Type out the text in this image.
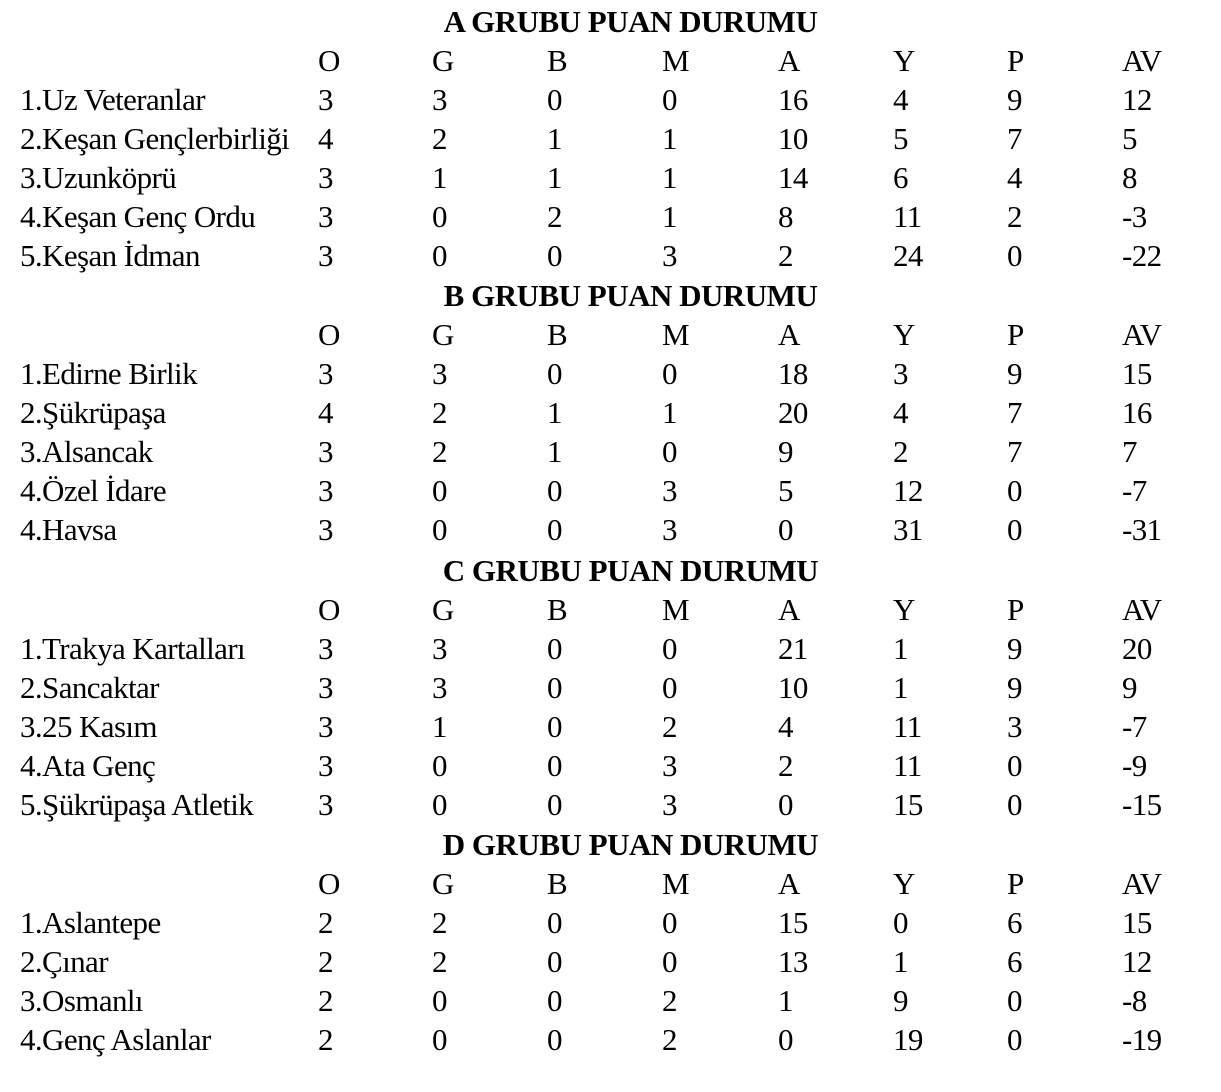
A GRUBU PUAN DURUMU
O	G	B	M	A	Y	P	AV
1.Uz Veteranlar	3	3	0	0	16	4	9	12
2.Keşan Gençlerbirliği 4	2	1	1	10	5	7	5
3.Uzunköprü	3	1	1	1	14	6	4	8
4.Keşan Genç Ordu 3	0	2	1	8	11	2	-3
5.Keşan İdman	3	0	0	3	2	24	0	-22
B GRUBU PUAN DURUMU
O	G	B	M	A	Y	P	AV
1.Edirne Birlik	3	3	0	0	18	3	9	15
2.Şükrüpaşa	4	2	1	1	20	4	7	16
3.Alsancak	3	2	1	0	9	2	7	7
4.Özel İdare	3	0	0	3	5	12	0	-7
4.Havsa	3	0	0	3	0	31	0	-31
C GRUBU PUAN DURUMU
O	G	B	M	A	Y	P	AV
1.Trakya Kartalları 3	3	0	0	21	1	9	20
2.Sancaktar	3	3	0	0	10	1	9	9
3.25 Kasım	3	1	0	2	4	11	3	-7
4.Ata Genç	3	0	0	3	2	11	0	-9
5.Şükrüpaşa Atletik 3	0	0	3	0	15	0	-15
D GRUBU PUAN DURUMU
O	G	B	M	A	Y	P	AV
1.Aslantepe	2	2	0	0	15	0	6	15
2.Çınar	2	2	0	0	13	1	6	12
3.Osmanlı	2	0	0	2	1	9	0	-8
4.Genç Aslanlar	2	0	0	2	0	19	0	-19
